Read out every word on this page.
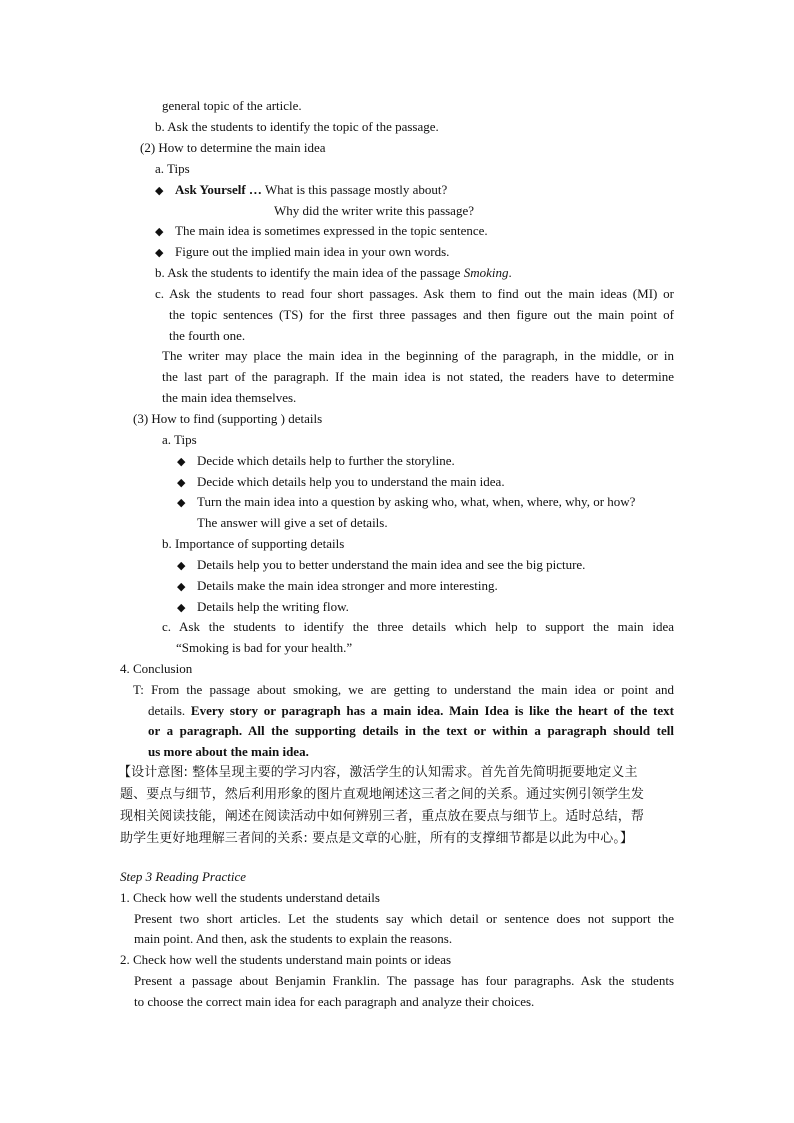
general topic of the article.
b. Ask the students to identify the topic of the passage.
(2) How to determine the main idea
a. Tips
◆ Ask Yourself … What is this passage mostly about?
Why did the writer write this passage?
◆ The main idea is sometimes expressed in the topic sentence.
◆ Figure out the implied main idea in your own words.
b. Ask the students to identify the main idea of the passage Smoking.
c. Ask the students to read four short passages. Ask them to find out the main ideas (MI) or
the topic sentences (TS) for the first three passages and then figure out the main point of
the fourth one.
The writer may place the main idea in the beginning of the paragraph, in the middle, or in
the last part of the paragraph. If the main idea is not stated, the readers have to determine
the main idea themselves.
(3) How to find (supporting ) details
a. Tips
◆ Decide which details help to further the storyline.
◆ Decide which details help you to understand the main idea.
◆ Turn the main idea into a question by asking who, what, when, where, why, or how?
The answer will give a set of details.
b. Importance of supporting details
◆ Details help you to better understand the main idea and see the big picture.
◆ Details make the main idea stronger and more interesting.
◆ Details help the writing flow.
c. Ask the students to identify the three details which help to support the main idea
“Smoking is bad for your health.”
4. Conclusion
T: From the passage about smoking, we are getting to understand the main idea or point and
details. Every story or paragraph has a main idea. Main Idea is like the heart of the text
or a paragraph. All the supporting details in the text or within a paragraph should tell
us more about the main idea.
【设计意图: 整体呈现主要的学习内容，激活学生的认知需求。首先首先简明扼要地定义主
题、要点与细节，然后利用形象的图片直观地阐述这三者之间的关系。通过实例引领学生发
现相关阅读技能，阐述在阅读活动中如何辨别三者，重点放在要点与细节上。适时总结，帮
助学生更好地理解三者间的关系: 要点是文章的心脏，所有的支撑细节都是以此为中心。】
Step 3 Reading Practice
1. Check how well the students understand details
Present two short articles. Let the students say which detail or sentence does not support the
main point. And then, ask the students to explain the reasons.
2. Check how well the students understand main points or ideas
Present a passage about Benjamin Franklin. The passage has four paragraphs. Ask the students
to choose the correct main idea for each paragraph and analyze their choices.
